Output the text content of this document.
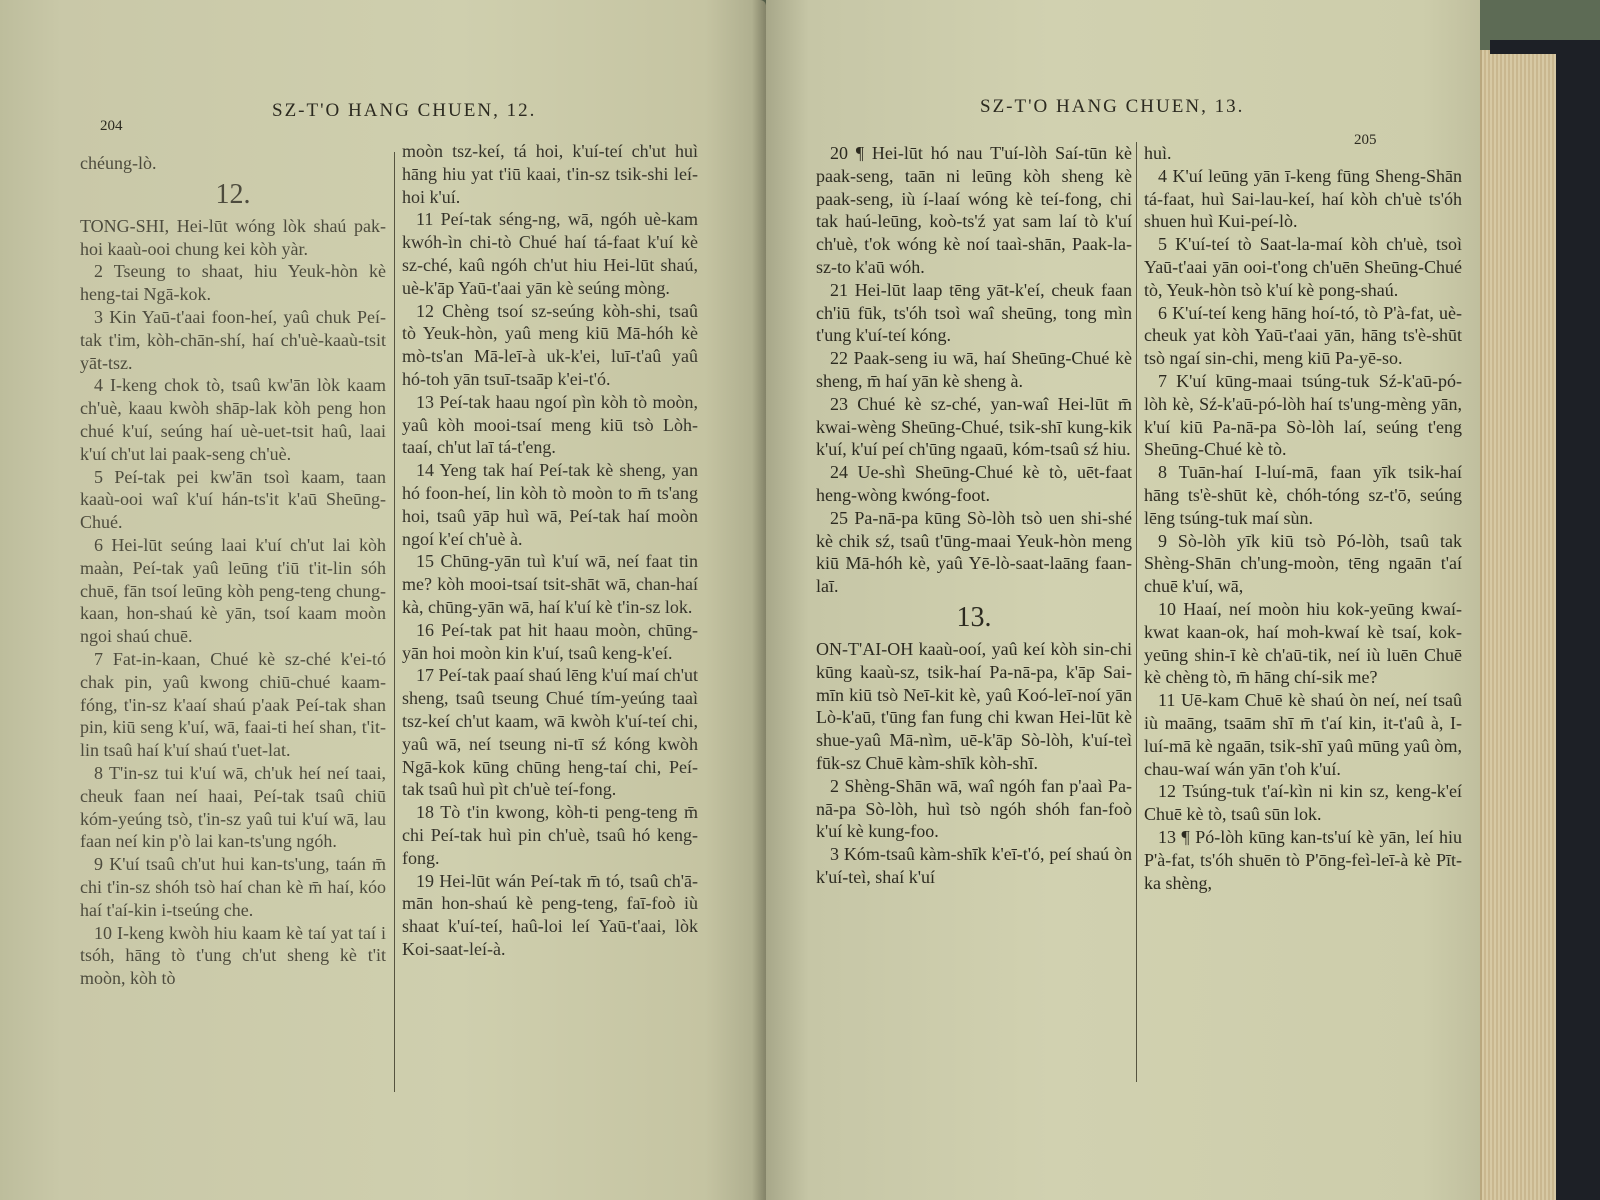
204
SZ-T'O HANG CHUEN, 12.

chéung-lò.

12.

TONG-SHI, Hei-lūt wóng lòk shaú pak-hoi kaaù-ooi chung kei kòh yàr.

2 Tseung to shaat, hiu Yeuk-hòn kè heng-tai Ngā-kok.

3 Kin Yaū-t'aai foon-heí, yaû chuk Peí-tak t'im, kòh-chān-shí, haí ch'uè-kaaù-tsit yāt-tsz.

4 I-keng chok tò, tsaû kw'ān lòk kaam ch'uè, kaau kwòh shāp-lak kòh peng hon chué k'uí, seúng haí uè-uet-tsit haû, laai k'uí ch'ut lai paak-seng ch'uè.

5 Peí-tak pei kw'ān tsoì kaam, taan kaaù-ooi waî k'uí hán-ts'it k'aū Sheūng-Chué.

6 Hei-lūt seúng laai k'uí ch'ut lai kòh maàn, Peí-tak yaû leūng t'iū t'it-lin sóh chuē, fān tsoí leūng kòh peng-teng chung-kaan, hon-shaú kè yān, tsoí kaam moòn ngoi shaú chuē.

7 Fat-in-kaan, Chué kè sz-ché k'ei-tó chak pin, yaû kwong chiū-chué kaam-fóng, t'in-sz k'aaí shaú p'aak Peí-tak shan pin, kiū seng k'uí, wā, faai-ti heí shan, t'it-lin tsaû haí k'uí shaú t'uet-lat.

8 T'in-sz tui k'uí wā, ch'uk heí neí taai, cheuk faan neí haai, Peí-tak tsaû chiū kóm-yeúng tsò, t'in-sz yaû tui k'uí wā, lau faan neí kin p'ò lai kan-ts'ung ngóh.

9 K'uí tsaû ch'ut hui kan-ts'ung, taán m̄ chi t'in-sz shóh tsò haí chan kè m̄ haí, kóo haí t'aí-kin i-tseúng che.

10 I-keng kwòh hiu kaam kè taí yat taí i tsóh, hāng tò t'ung ch'ut sheng kè t'it moòn, kòh tò

moòn tsz-keí, tá hoi, k'uí-teí ch'ut huì hāng hiu yat t'iū kaai, t'in-sz tsik-shi leí-hoi k'uí.

11 Peí-tak séng-ng, wā, ngóh uè-kam kwóh-ìn chi-tò Chué haí tá-faat k'uí kè sz-ché, kaû ngóh ch'ut hiu Hei-lūt shaú, uè-k'āp Yaū-t'aai yān kè seúng mòng.

12 Chèng tsoí sz-seúng kòh-shi, tsaû tò Yeuk-hòn, yaû meng kiū Mā-hóh kè mò-ts'an Mā-leī-à uk-k'ei, luī-t'aû yaû hó-toh yān tsuī-tsaāp k'ei-t'ó.

13 Peí-tak haau ngoí pìn kòh tò moòn, yaû kòh mooi-tsaí meng kiū tsò Lòh-taaí, ch'ut laī tá-t'eng.

14 Yeng tak haí Peí-tak kè sheng, yan hó foon-heí, lin kòh tò moòn to m̄ ts'ang hoi, tsaû yāp huì wā, Peí-tak haí moòn ngoí k'eí ch'uè à.

15 Chūng-yān tuì k'uí wā, neí faat tin me? kòh mooi-tsaí tsit-shāt wā, chan-haí kà, chūng-yān wā, haí k'uí kè t'in-sz lok.

16 Peí-tak pat hit haau moòn, chūng-yān hoi moòn kin k'uí, tsaû keng-k'eí.

17 Peí-tak paaí shaú lēng k'uí maí ch'ut sheng, tsaû tseung Chué tím-yeúng taaì tsz-keí ch'ut kaam, wā kwòh k'uí-teí chi, yaû wā, neí tseung ni-tī sź kóng kwòh Ngā-kok kūng chūng heng-taí chi, Peí-tak tsaû huì pìt ch'uè teí-fong.

18 Tò t'in kwong, kòh-ti peng-teng m̄ chi Peí-tak huì pin ch'uè, tsaû hó keng-fong.

19 Hei-lūt wán Peí-tak m̄ tó, tsaû ch'ā-mān hon-shaú kè peng-teng, faī-foò iù shaat k'uí-teí, haû-loi leí Yaū-t'aai, lòk Koi-saat-leí-à.

SZ-T'O HANG CHUEN, 13.
205

20 ¶ Hei-lūt hó nau T'uí-lòh Saí-tūn kè paak-seng, taān ni leūng kòh sheng kè paak-seng, iù í-laaí wóng kè teí-fong, chi tak haú-leūng, koò-ts'ź yat sam laí tò k'uí ch'uè, t'ok wóng kè noí taaì-shān, Paak-la-sz-to k'aū wóh.

21 Hei-lūt laap tēng yāt-k'eí, cheuk faan ch'iū fūk, ts'óh tsoì waî sheūng, tong mìn t'ung k'uí-teí kóng.

22 Paak-seng iu wā, haí Sheūng-Chué kè sheng, m̄ haí yān kè sheng à.

23 Chué kè sz-ché, yan-waî Hei-lūt m̄ kwai-wèng Sheūng-Chué, tsik-shī kung-kik k'uí, k'uí peí ch'ūng ngaaū, kóm-tsaû sź hiu.

24 Ue-shì Sheūng-Chué kè tò, uēt-faat heng-wòng kwóng-foot.

25 Pa-nā-pa kūng Sò-lòh tsò uen shi-shé kè chik sź, tsaû t'ūng-maai Yeuk-hòn meng kiū Mā-hóh kè, yaû Yē-lò-saat-laāng faan-laī.

13.

ON-T'AI-OH kaaù-ooí, yaû keí kòh sin-chi kūng kaaù-sz, tsik-haí Pa-nā-pa, k'āp Sai-mīn kiū tsò Neī-kit kè, yaû Koó-leī-noí yān Lò-k'aū, t'ūng fan fung chi kwan Hei-lūt kè shue-yaû Mā-nìm, uē-k'āp Sò-lòh, k'uí-teì fūk-sz Chuē kàm-shīk kòh-shī.

2 Shèng-Shān wā, waî ngóh fan p'aaì Pa-nā-pa Sò-lòh, huì tsò ngóh shóh fan-foò k'uí kè kung-foo.

3 Kóm-tsaû kàm-shīk k'eī-t'ó, peí shaú òn k'uí-teì, shaí k'uí

huì.

4 K'uí leūng yān ī-keng fūng Sheng-Shān tá-faat, huì Sai-lau-keí, haí kòh ch'uè ts'óh shuen huì Kui-peí-lò.

5 K'uí-teí tò Saat-la-maí kòh ch'uè, tsoì Yaū-t'aai yān ooi-t'ong ch'uēn Sheūng-Chué tò, Yeuk-hòn tsò k'uí kè pong-shaú.

6 K'uí-teí keng hāng hoí-tó, tò P'à-fat, uè-cheuk yat kòh Yaū-t'aai yān, hāng ts'è-shūt tsò ngaí sin-chi, meng kiū Pa-yē-so.

7 K'uí kūng-maai tsúng-tuk Sź-k'aū-pó-lòh kè, Sź-k'aū-pó-lòh haí ts'ung-mèng yān, k'uí kiū Pa-nā-pa Sò-lòh laí, seúng t'eng Sheūng-Chué kè tò.

8 Tuān-haí I-luí-mā, faan yīk tsik-haí hāng ts'è-shūt kè, chóh-tóng sz-t'ō, seúng lēng tsúng-tuk maí sùn.

9 Sò-lòh yīk kiū tsò Pó-lòh, tsaû tak Shèng-Shān ch'ung-moòn, tēng ngaān t'aí chuē k'uí, wā,

10 Haaí, neí moòn hiu kok-yeūng kwaí-kwat kaan-ok, haí moh-kwaí kè tsaí, kok-yeūng shin-ī kè ch'aū-tik, neí iù luēn Chuē kè chèng tò, m̄ hāng chí-sik me?

11 Uē-kam Chuē kè shaú òn neí, neí tsaû iù maāng, tsaām shī m̄ t'aí kin, it-t'aû à, I-luí-mā kè ngaān, tsik-shī yaû mūng yaû òm, chau-waí wán yān t'oh k'uí.

12 Tsúng-tuk t'aí-kìn ni kin sz, keng-k'eí Chuē kè tò, tsaû sūn lok.

13 ¶ Pó-lòh kūng kan-ts'uí kè yān, leí hiu P'à-fat, ts'óh shuēn tò P'ōng-feì-leī-à kè Pīt-ka shèng,
